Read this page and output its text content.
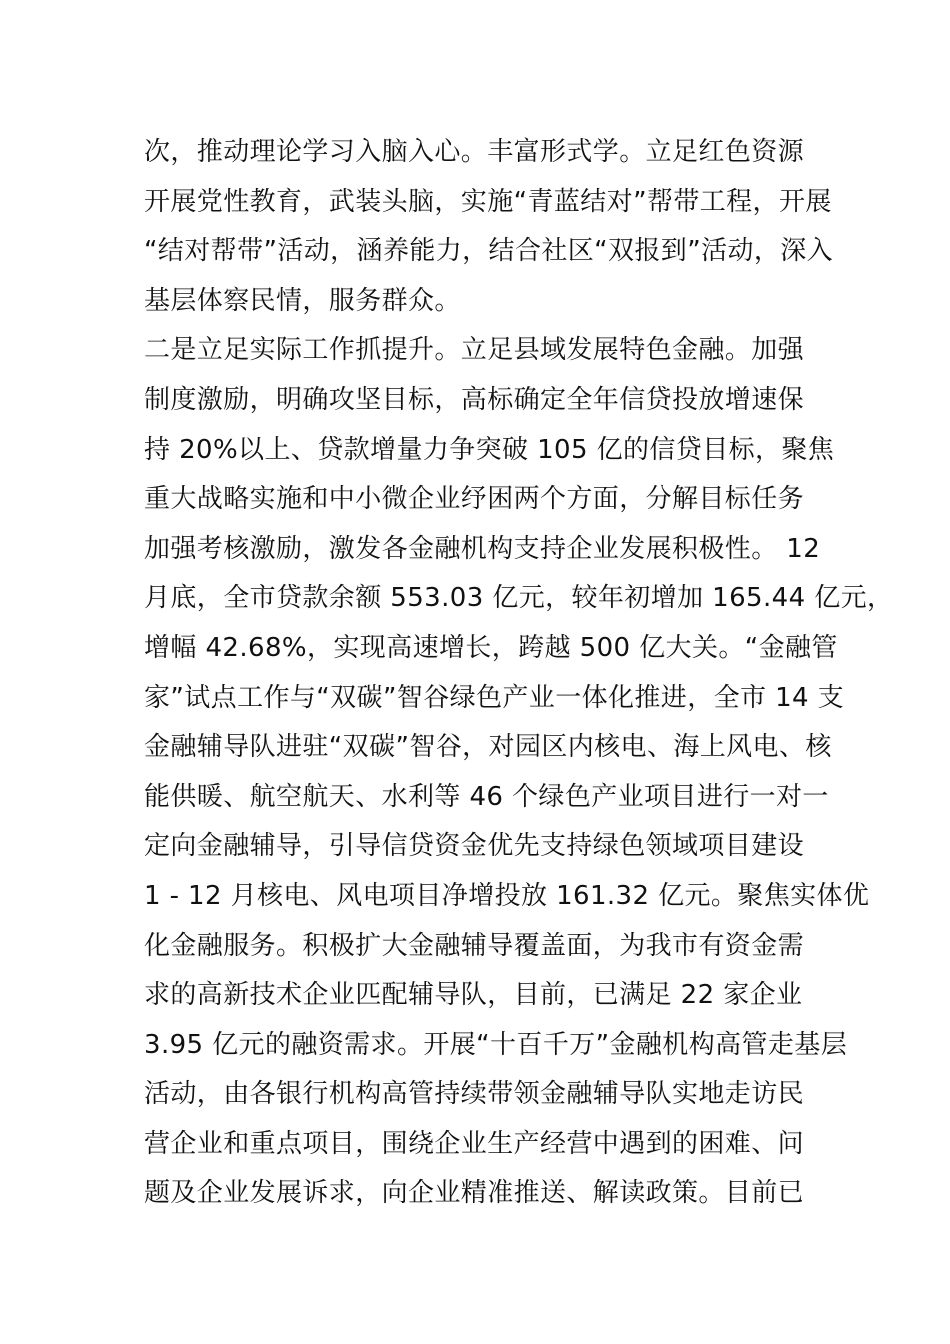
次，推动理论学习入脑入心。丰富形式学。立足红色资源
开展党性教育，武装头脑，实施“青蓝结对”帮带工程，开展
“结对帮带”活动，涵养能力，结合社区“双报到”活动，深入
基层体察民情，服务群众。
二是立足实际工作抓提升。立足县域发展特色金融。加强
制度激励，明确攻坚目标，高标确定全年信贷投放增速保
持 20%以上、贷款增量力争突破 105 亿的信贷目标，聚焦
重大战略实施和中小微企业纾困两个方面，分解目标任务
加强考核激励，激发各金融机构支持企业发展积极性。 12
月底，全市贷款余额 553.03 亿元，较年初增加 165.44 亿元，
增幅 42.68%，实现高速增长，跨越 500 亿大关。“金融管
家”试点工作与“双碳”智谷绿色产业一体化推进，全市 14 支
金融辅导队进驻“双碳”智谷，对园区内核电、海上风电、核
能供暖、航空航天、水利等 46 个绿色产业项目进行一对一
定向金融辅导，引导信贷资金优先支持绿色领域项目建设
1 - 12 月核电、风电项目净增投放 161.32 亿元。聚焦实体优
化金融服务。积极扩大金融辅导覆盖面，为我市有资金需
求的高新技术企业匹配辅导队，目前，已满足 22 家企业
3.95 亿元的融资需求。开展“十百千万”金融机构高管走基层
活动，由各银行机构高管持续带领金融辅导队实地走访民
营企业和重点项目，围绕企业生产经营中遇到的困难、问
题及企业发展诉求，向企业精准推送、解读政策。目前已
